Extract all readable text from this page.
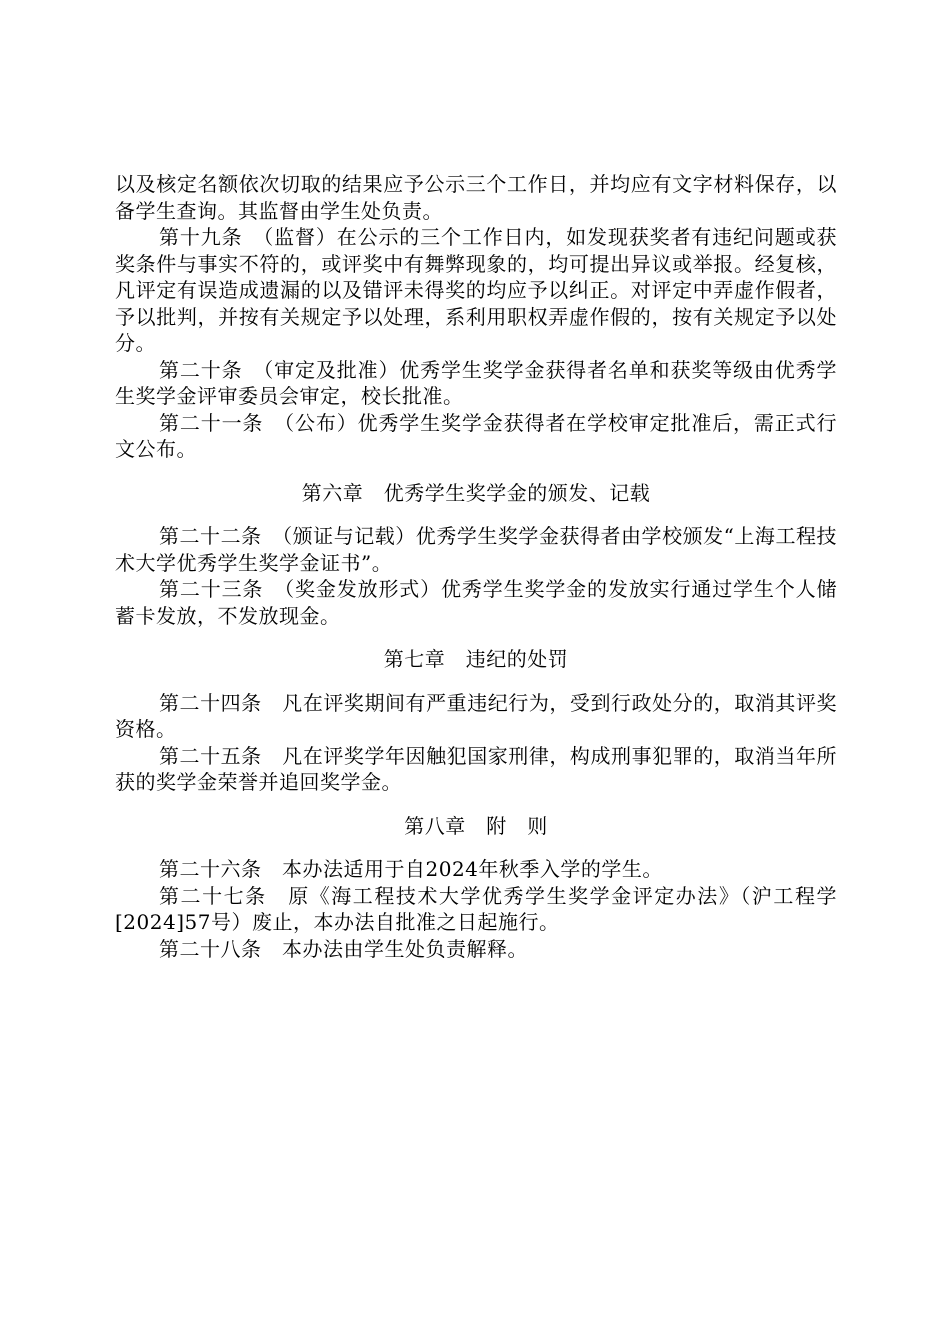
以及核定名额依次切取的结果应予公示三个工作日，并均应有文字材料保存，以备学生查询。其监督由学生处负责。

第十九条　（监督）在公示的三个工作日内，如发现获奖者有违纪问题或获奖条件与事实不符的，或评奖中有舞弊现象的，均可提出异议或举报。经复核，凡评定有误造成遗漏的以及错评未得奖的均应予以纠正。对评定中弄虚作假者，予以批判，并按有关规定予以处理，系利用职权弄虚作假的，按有关规定予以处分。

第二十条　（审定及批准）优秀学生奖学金获得者名单和获奖等级由优秀学生奖学金评审委员会审定，校长批准。

第二十一条　（公布）优秀学生奖学金获得者在学校审定批准后，需正式行文公布。

第六章　优秀学生奖学金的颁发、记载

第二十二条　（颁证与记载）优秀学生奖学金获得者由学校颁发“上海工程技术大学优秀学生奖学金证书”。

第二十三条　（奖金发放形式）优秀学生奖学金的发放实行通过学生个人储蓄卡发放，不发放现金。

第七章　违纪的处罚

第二十四条　凡在评奖期间有严重违纪行为，受到行政处分的，取消其评奖资格。

第二十五条　凡在评奖学年因触犯国家刑律，构成刑事犯罪的，取消当年所获的奖学金荣誉并追回奖学金。

第八章　附　则

第二十六条　本办法适用于自2024年秋季入学的学生。

第二十七条　原《海工程技术大学优秀学生奖学金评定办法》（沪工程学[2024]57号）废止，本办法自批准之日起施行。

第二十八条　本办法由学生处负责解释。
